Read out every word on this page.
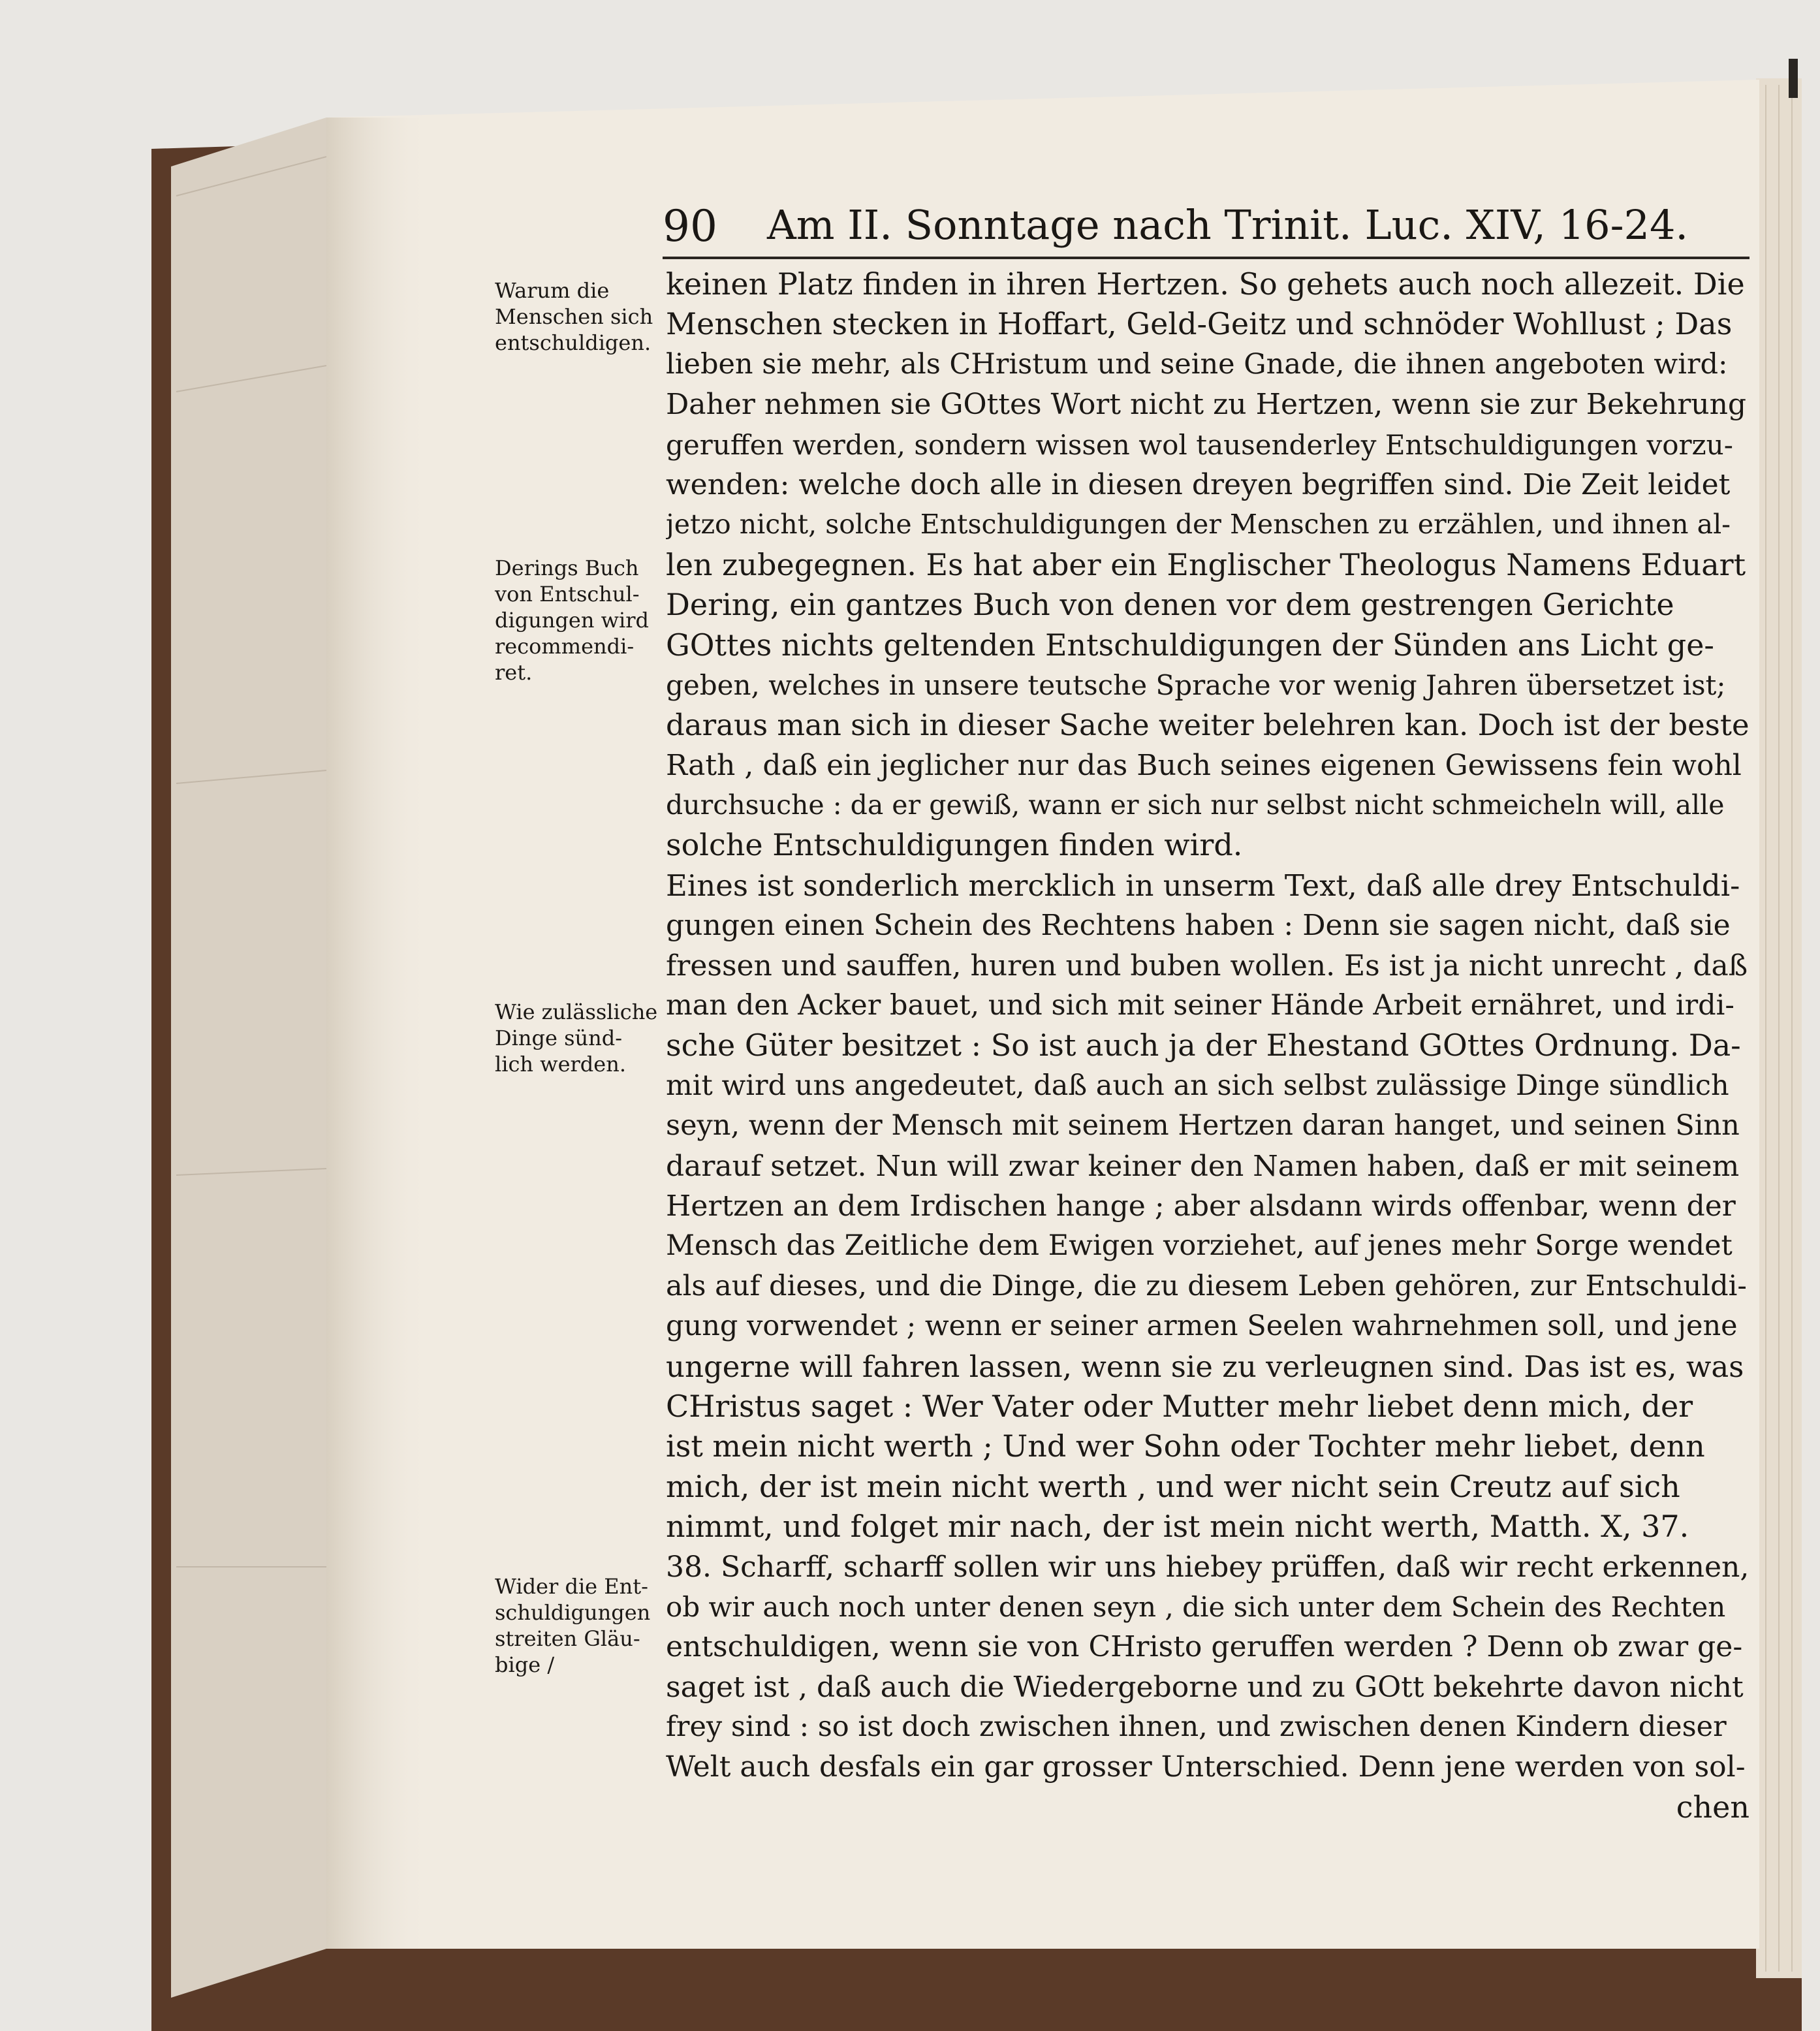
90 Am II. Sonntage nach Trinit. Luc. XIV, 16-24.
Warum die
Menschen sich
entschuldigen.
Derings Buch
von Entschul-
digungen wird
recommendi-
ret.
Wie zulässliche
Dinge sünd-
lich werden.
Wider die Ent-
schuldigungen
streiten Gläu-
bige /
keinen Platz finden in ihren Hertzen. So gehets auch noch allezeit. Die
Menschen stecken in Hoffart, Geld-Geitz und schnöder Wohllust ; Das
lieben sie mehr, als CHristum und seine Gnade, die ihnen angeboten wird:
Daher nehmen sie GOttes Wort nicht zu Hertzen, wenn sie zur Bekehrung
geruffen werden, sondern wissen wol tausenderley Entschuldigungen vorzu-
wenden: welche doch alle in diesen dreyen begriffen sind. Die Zeit leidet
jetzo nicht, solche Entschuldigungen der Menschen zu erzählen, und ihnen al-
len zubegegnen. Es hat aber ein Englischer Theologus Namens Eduart
Dering, ein gantzes Buch von denen vor dem gestrengen Gerichte
GOttes nichts geltenden Entschuldigungen der Sünden ans Licht ge-
geben, welches in unsere teutsche Sprache vor wenig Jahren übersetzet ist;
daraus man sich in dieser Sache weiter belehren kan. Doch ist der beste
Rath , daß ein jeglicher nur das Buch seines eigenen Gewissens fein wohl
durchsuche : da er gewiß, wann er sich nur selbst nicht schmeicheln will, alle
solche Entschuldigungen finden wird.
Eines ist sonderlich mercklich in unserm Text, daß alle drey Entschuldi-
gungen einen Schein des Rechtens haben : Denn sie sagen nicht, daß sie
fressen und sauffen, huren und buben wollen. Es ist ja nicht unrecht , daß
man den Acker bauet, und sich mit seiner Hände Arbeit ernähret, und irdi-
sche Güter besitzet : So ist auch ja der Ehestand GOttes Ordnung. Da-
mit wird uns angedeutet, daß auch an sich selbst zulässige Dinge sündlich
seyn, wenn der Mensch mit seinem Hertzen daran hanget, und seinen Sinn
darauf setzet. Nun will zwar keiner den Namen haben, daß er mit seinem
Hertzen an dem Irdischen hange ; aber alsdann wirds offenbar, wenn der
Mensch das Zeitliche dem Ewigen vorziehet, auf jenes mehr Sorge wendet
als auf dieses, und die Dinge, die zu diesem Leben gehören, zur Entschuldi-
gung vorwendet ; wenn er seiner armen Seelen wahrnehmen soll, und jene
ungerne will fahren lassen, wenn sie zu verleugnen sind. Das ist es, was
CHristus saget : Wer Vater oder Mutter mehr liebet denn mich, der
ist mein nicht werth ; Und wer Sohn oder Tochter mehr liebet, denn
mich, der ist mein nicht werth , und wer nicht sein Creutz auf sich
nimmt, und folget mir nach, der ist mein nicht werth, Matth. X, 37.
38. Scharff, scharff sollen wir uns hiebey prüffen, daß wir recht erkennen,
ob wir auch noch unter denen seyn , die sich unter dem Schein des Rechten
entschuldigen, wenn sie von CHristo geruffen werden ? Denn ob zwar ge-
saget ist , daß auch die Wiedergeborne und zu GOtt bekehrte davon nicht
frey sind : so ist doch zwischen ihnen, und zwischen denen Kindern dieser
Welt auch desfals ein gar grosser Unterschied. Denn jene werden von sol-
chen
